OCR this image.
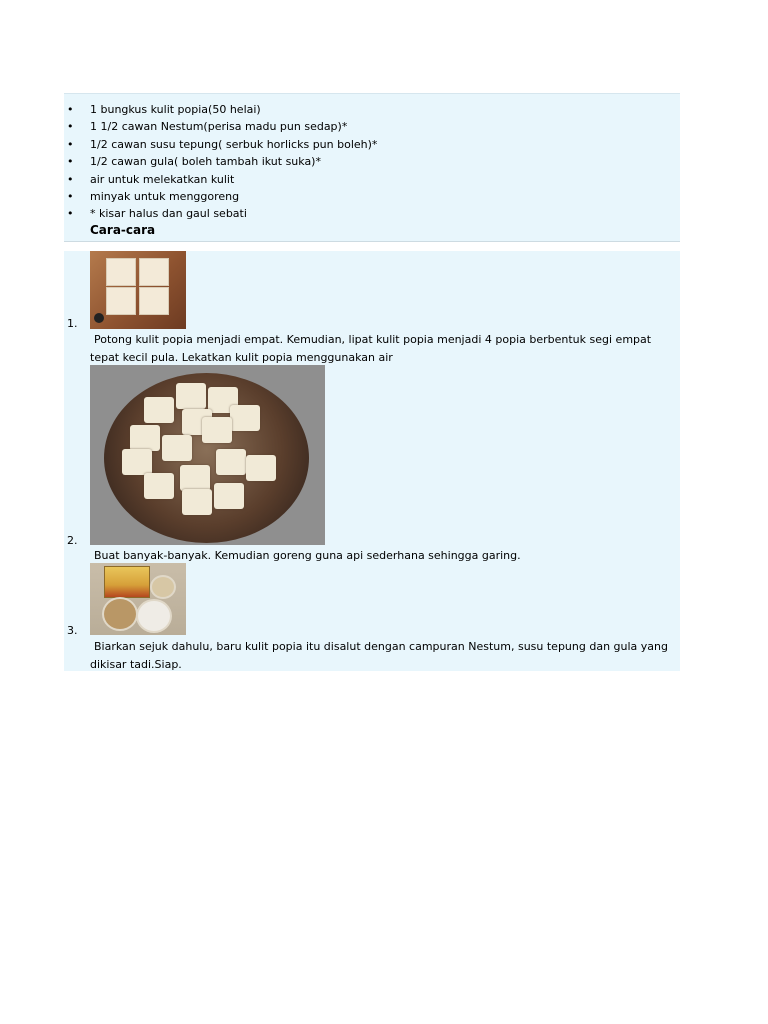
• 1 bungkus kulit popia(50 helai)
• 1 1/2 cawan Nestum(perisa madu pun sedap)*
• 1/2 cawan susu tepung( serbuk horlicks pun boleh)*
• 1/2 cawan gula( boleh tambah ikut suka)*
• air untuk melekatkan kulit
• minyak untuk menggoreng
• * kisar halus dan gaul sebati
Cara-cara
1.
Potong kulit popia menjadi empat. Kemudian, lipat kulit popia menjadi 4 popia berbentuk segi empat tepat kecil pula. Lekatkan kulit popia menggunakan air
2.
Buat banyak-banyak. Kemudian goreng guna api sederhana sehingga garing.
3.
Biarkan sejuk dahulu, baru kulit popia itu disalut dengan campuran Nestum, susu tepung dan gula yang dikisar tadi.Siap.
